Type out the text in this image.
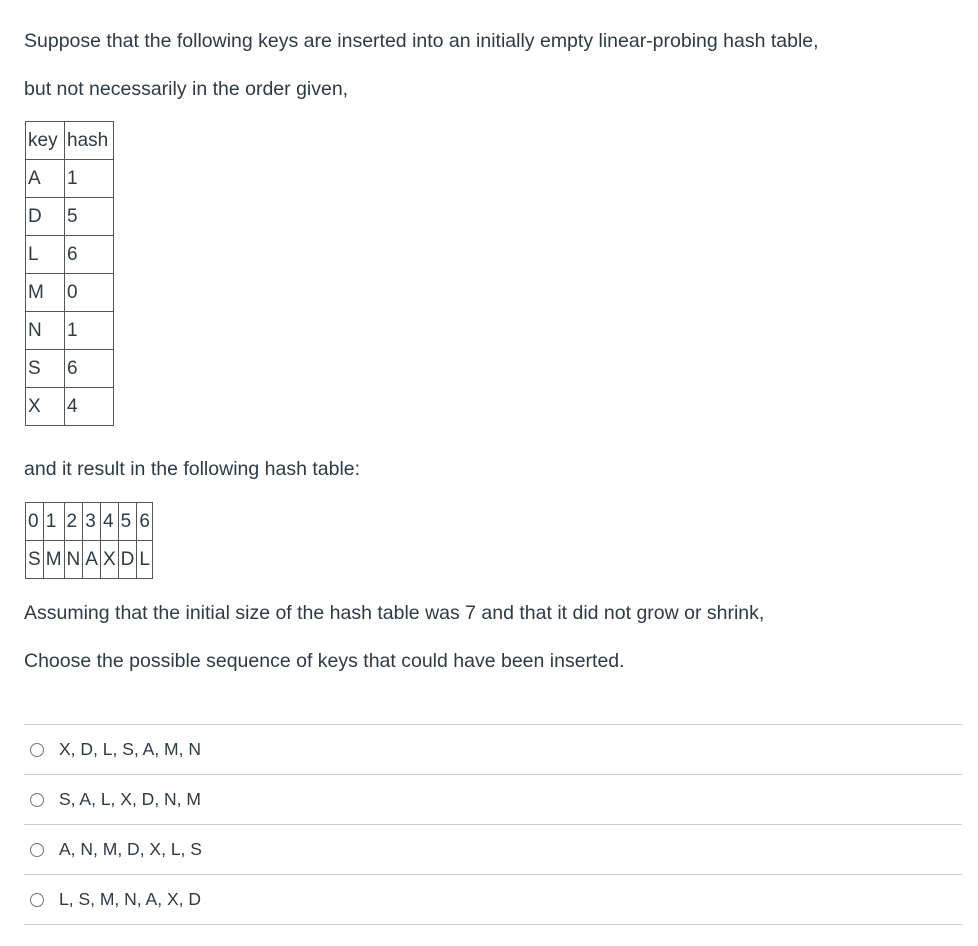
Suppose that the following keys are inserted into an initially empty linear-probing hash table,

but not necessarily in the order given,

key	hash
A	1
D	5
L	6
M	0
N	1
S	6
X	4

and it result in the following hash table:

0	1	2	3	4	5	6
S	M	N	A	X	D	L

Assuming that the initial size of the hash table was 7 and that it did not grow or shrink,

Choose the possible sequence of keys that could have been inserted.

X, D, L, S, A, M, N
S, A, L, X, D, N, M
A, N, M, D, X, L, S
L, S, M, N, A, X, D
